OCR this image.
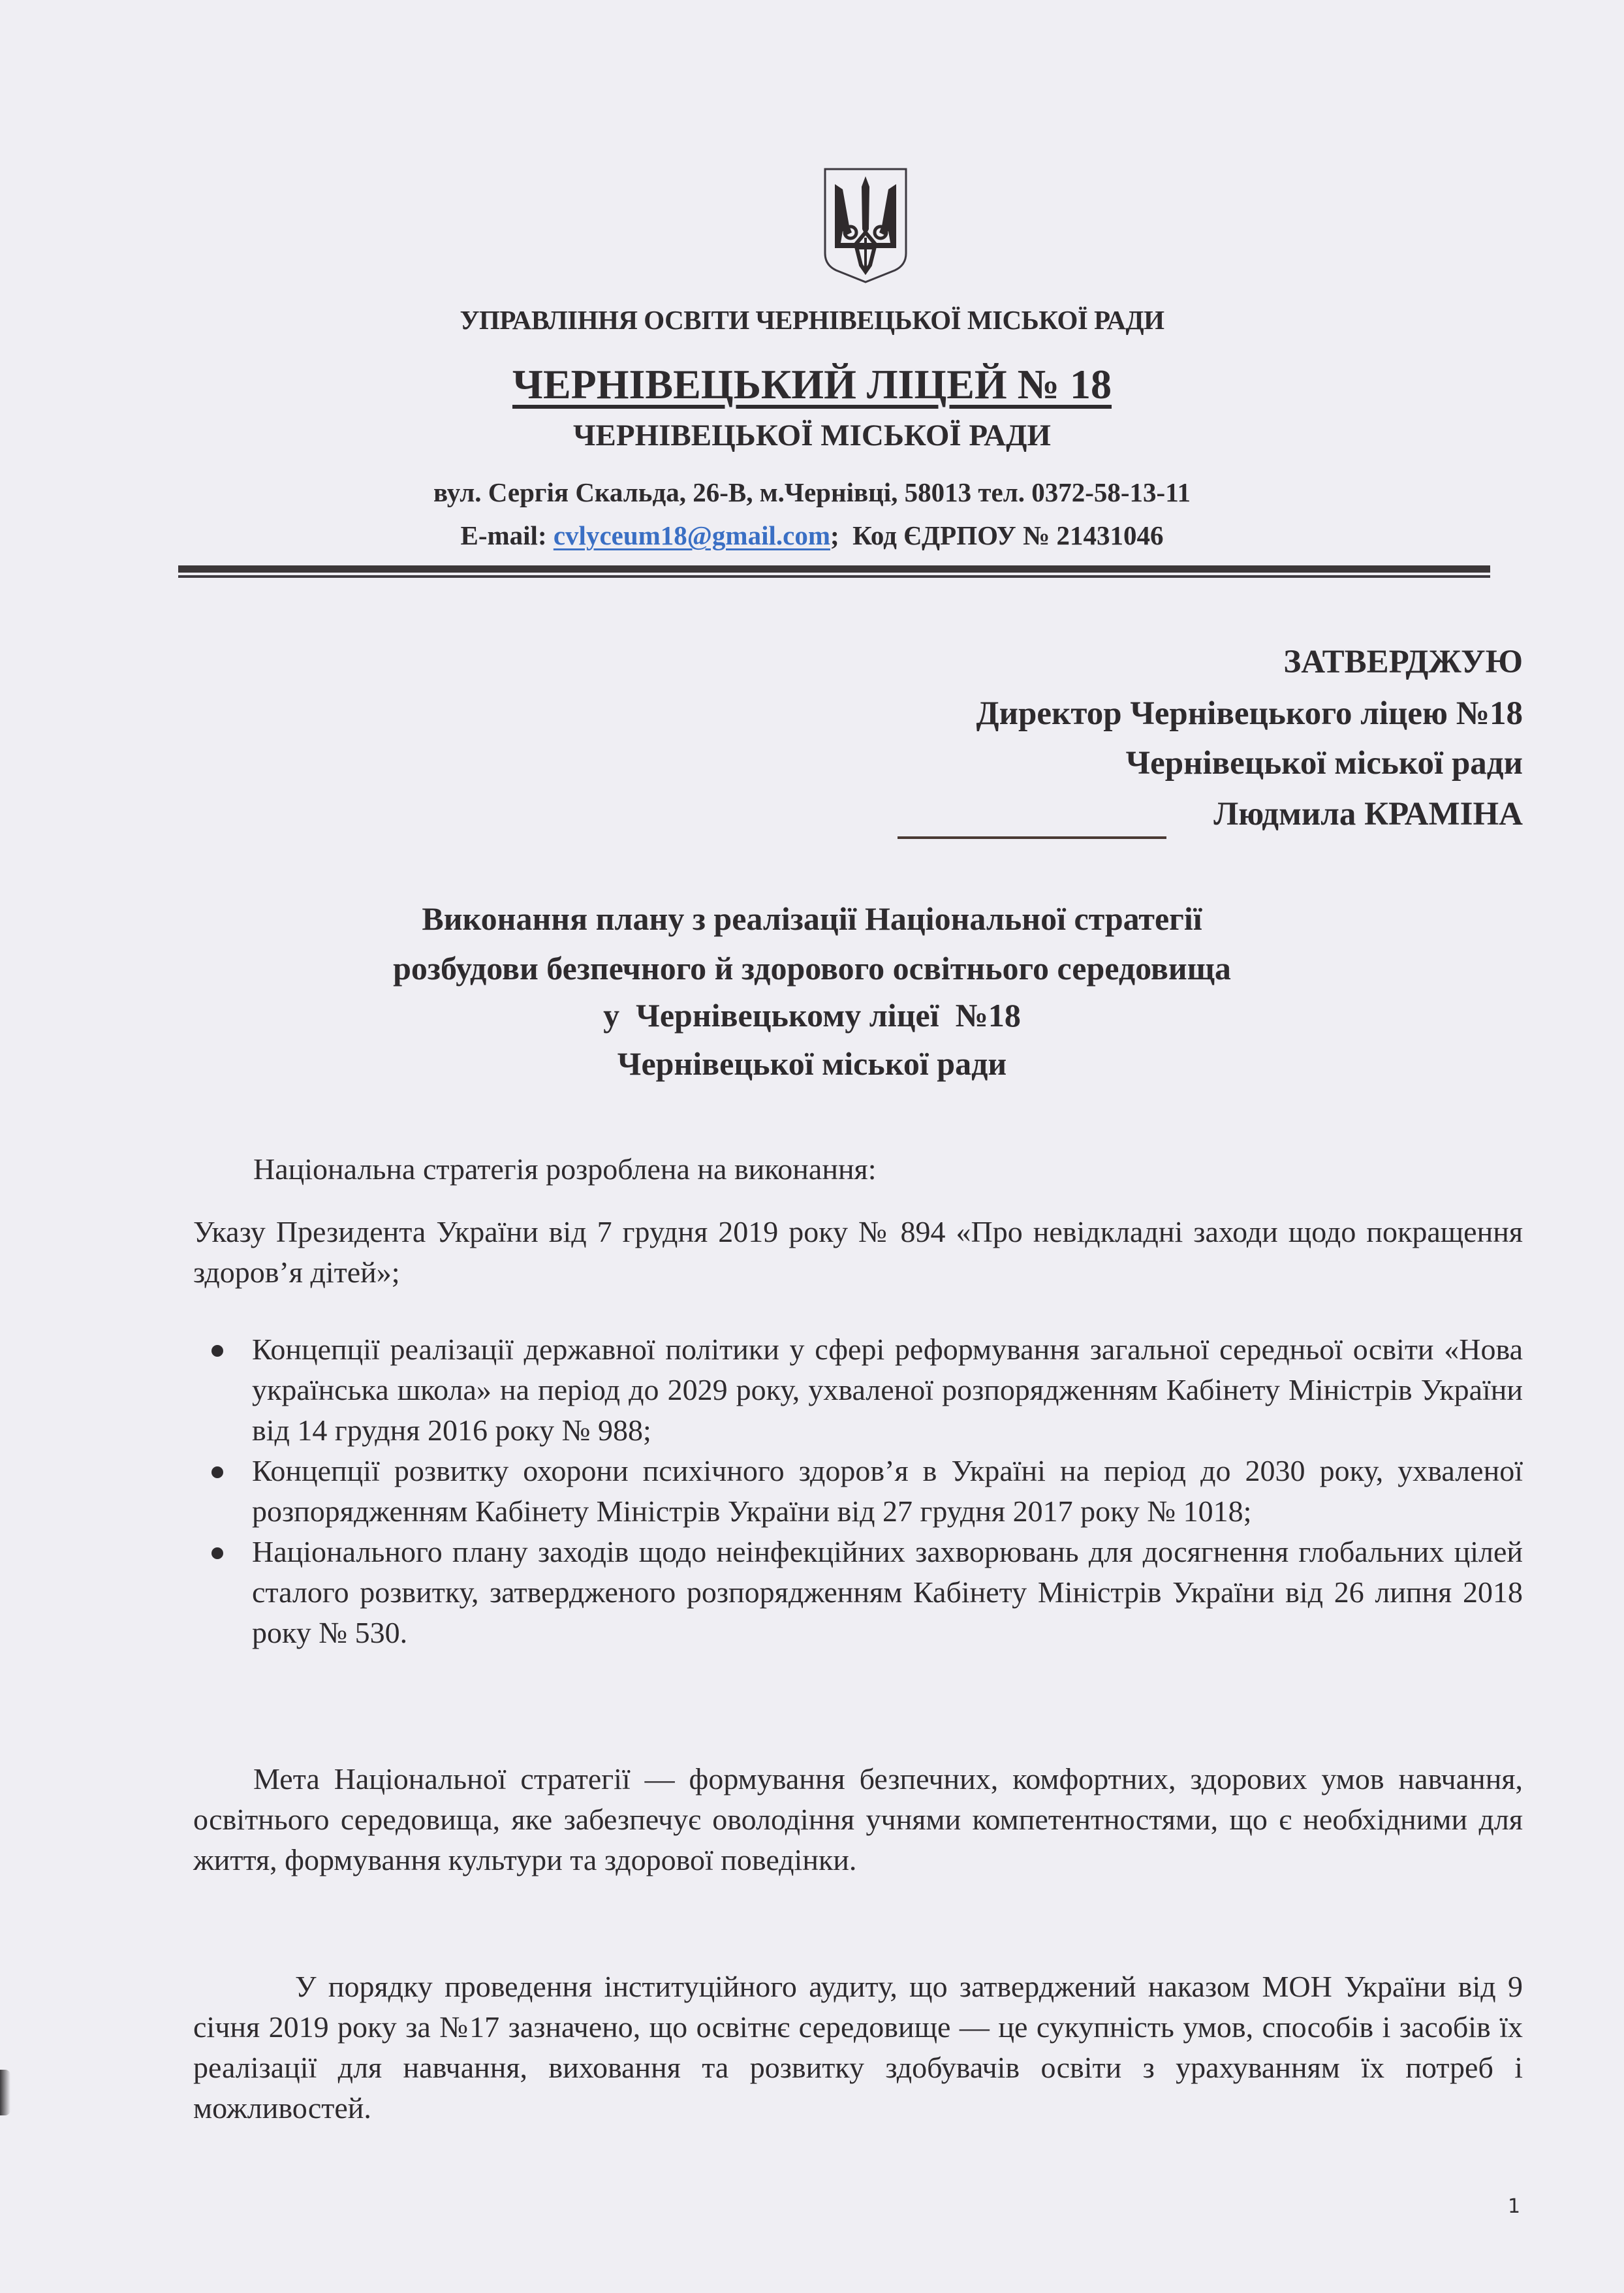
УПРАВЛІННЯ ОСВІТИ ЧЕРНІВЕЦЬКОЇ МІСЬКОЇ РАДИ
ЧЕРНІВЕЦЬКИЙ ЛІЦЕЙ № 18
ЧЕРНІВЕЦЬКОЇ МІСЬКОЇ РАДИ
вул. Сергія Скальда, 26-В, м.Чернівці, 58013 тел. 0372-58-13-11
E-mail: cvlyceum18@gmail.com; Код ЄДРПОУ № 21431046
ЗАТВЕРДЖУЮ
Директор Чернівецького ліцею №18
Чернівецької міської ради
Людмила КРАМІНА
Виконання плану з реалізації Національної стратегії
розбудови безпечного й здорового освітнього середовища
у  Чернівецькому ліцеї  №18
Чернівецької міської ради
Національна стратегія розроблена на виконання:
Указу Президента України від 7 грудня 2019 року № 894 «Про невідкладні заходи щодо покращення здоров’я дітей»;
Концепції реалізації державної політики у сфері реформування загальної середньої освіти «Нова українська школа» на період до 2029 року, ухваленої розпорядженням Кабінету Міністрів України від 14 грудня 2016 року № 988;
Концепції розвитку охорони психічного здоров’я в Україні на період до 2030 року, ухваленої розпорядженням Кабінету Міністрів України від 27 грудня 2017 року № 1018;
Національного плану заходів щодо неінфекційних захворювань для досягнення глобальних цілей сталого розвитку, затвердженого розпорядженням Кабінету Міністрів України від 26 липня 2018 року № 530.
Мета Національної стратегії — формування безпечних, комфортних, здорових умов навчання, освітнього середовища, яке забезпечує оволодіння учнями компетентностями, що є необхідними для життя, формування культури та здорової поведінки.
У порядку проведення інституційного аудиту, що затверджений наказом МОН України від 9 січня 2019 року за №17 зазначено, що освітнє середовище — це сукупність умов, способів і засобів їх реалізації для навчання, виховання та розвитку здобувачів освіти з урахуванням їх потреб і можливостей.
1
